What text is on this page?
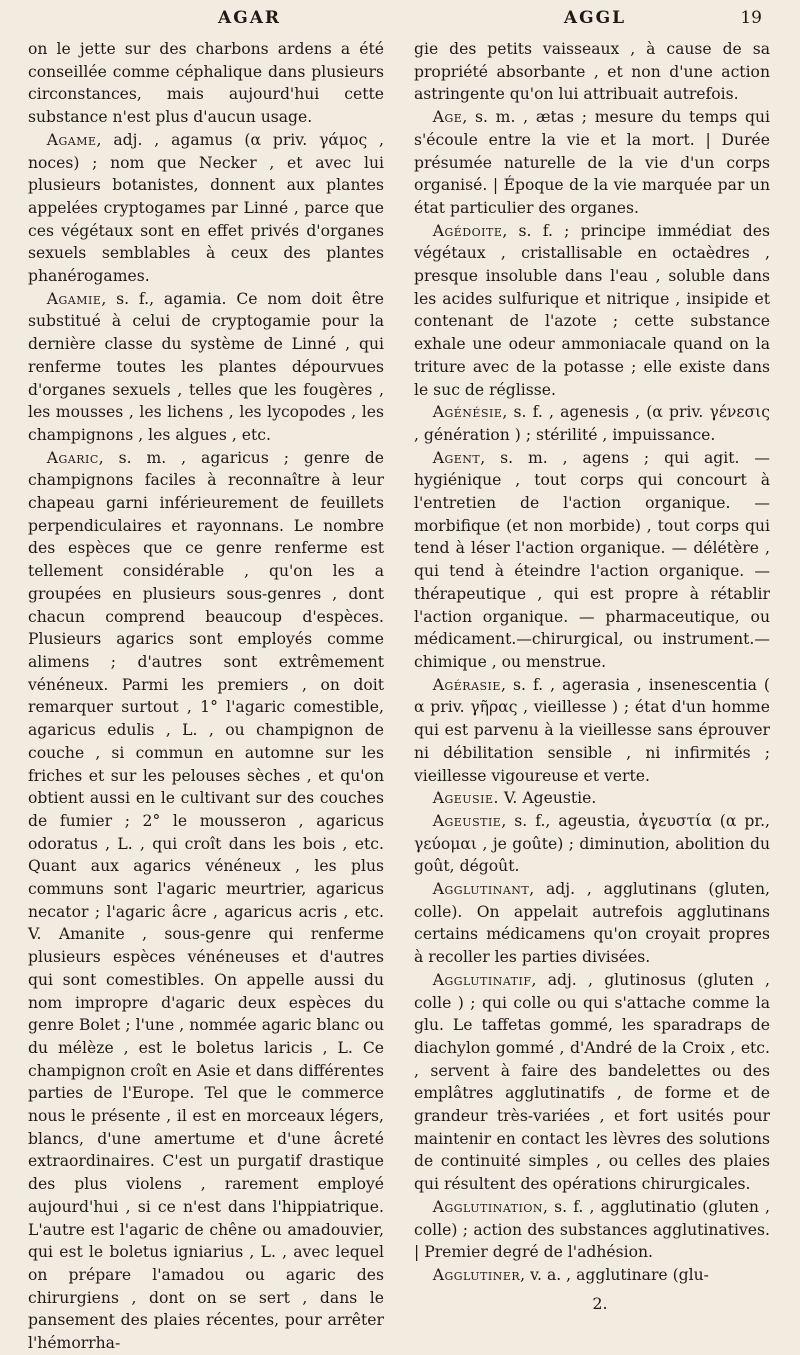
AGAR	AGGL	19

on le jette sur des charbons ardens a été conseillée comme céphalique dans plusieurs circonstances, mais aujourd'hui cette substance n'est plus d'aucun usage.

Agame, adj. , agamus (α priv. γάμος , noces) ; nom que Necker , et avec lui plusieurs botanistes, donnent aux plantes appelées cryptogames par Linné , parce que ces végétaux sont en effet privés d'organes sexuels semblables à ceux des plantes phanérogames.

Agamie, s. f., agamia. Ce nom doit être substitué à celui de cryptogamie pour la dernière classe du système de Linné , qui renferme toutes les plantes dépourvues d'organes sexuels , telles que les fougères , les mousses , les lichens , les lycopodes , les champignons , les algues , etc.

Agaric, s. m. , agaricus ; genre de champignons faciles à reconnaître à leur chapeau garni inférieurement de feuillets perpendiculaires et rayonnans. Le nombre des espèces que ce genre renferme est tellement considérable , qu'on les a groupées en plusieurs sous-genres , dont chacun comprend beaucoup d'espèces. Plusieurs agarics sont employés comme alimens ; d'autres sont extrêmement vénéneux. Parmi les premiers , on doit remarquer surtout , 1° l'agaric comestible, agaricus edulis , L. , ou champignon de couche , si commun en automne sur les friches et sur les pelouses sèches , et qu'on obtient aussi en le cultivant sur des couches de fumier ; 2° le mousseron , agaricus odoratus , L. , qui croît dans les bois , etc. Quant aux agarics vénéneux , les plus communs sont l'agaric meurtrier, agaricus necator ; l'agaric âcre , agaricus acris , etc. V. Amanite , sous-genre qui renferme plusieurs espèces vénéneuses et d'autres qui sont comestibles. On appelle aussi du nom impropre d'agaric deux espèces du genre Bolet ; l'une , nommée agaric blanc ou du mélèze , est le boletus laricis , L. Ce champignon croît en Asie et dans différentes parties de l'Europe. Tel que le commerce nous le présente , il est en morceaux légers, blancs, d'une amertume et d'une âcreté extraordinaires. C'est un purgatif drastique des plus violens , rarement employé aujourd'hui , si ce n'est dans l'hippiatrique. L'autre est l'agaric de chêne ou amadouvier, qui est le boletus igniarius , L. , avec lequel on prépare l'amadou ou agaric des chirurgiens , dont on se sert , dans le pansement des plaies récentes, pour arrêter l'hémorrha-

gie des petits vaisseaux , à cause de sa propriété absorbante , et non d'une action astringente qu'on lui attribuait autrefois.

Age, s. m. , ætas ; mesure du temps qui s'écoule entre la vie et la mort. | Durée présumée naturelle de la vie d'un corps organisé. | Époque de la vie marquée par un état particulier des organes.

Agédoite, s. f. ; principe immédiat des végétaux , cristallisable en octaèdres , presque insoluble dans l'eau , soluble dans les acides sulfurique et nitrique , insipide et contenant de l'azote ; cette substance exhale une odeur ammoniacale quand on la triture avec de la potasse ; elle existe dans le suc de réglisse.

Agénésie, s. f. , agenesis , (α priv. γένεσις , génération ) ; stérilité , impuissance.

Agent, s. m. , agens ; qui agit. — hygiénique , tout corps qui concourt à l'entretien de l'action organique. — morbifique (et non morbide) , tout corps qui tend à léser l'action organique. — délétère , qui tend à éteindre l'action organique. — thérapeutique , qui est propre à rétablir l'action organique. — pharmaceutique, ou médicament.—chirurgical, ou instrument.—chimique , ou menstrue.

Agérasie, s. f. , agerasia , insenescentia ( α priv. γῆρας , vieillesse ) ; état d'un homme qui est parvenu à la vieillesse sans éprouver ni débilitation sensible , ni infirmités ; vieillesse vigoureuse et verte.

Ageusie. V. Ageustie.

Ageustie, s. f., ageustia, ἀγευστία (α pr., γεύομαι , je goûte) ; diminution, abolition du goût, dégoût.

Agglutinant, adj. , agglutinans (gluten, colle). On appelait autrefois agglutinans certains médicamens qu'on croyait propres à recoller les parties divisées.

Agglutinatif, adj. , glutinosus (gluten , colle ) ; qui colle ou qui s'attache comme la glu. Le taffetas gommé, les sparadraps de diachylon gommé , d'André de la Croix , etc. , servent à faire des bandelettes ou des emplâtres agglutinatifs , de forme et de grandeur très-variées , et fort usités pour maintenir en contact les lèvres des solutions de continuité simples , ou celles des plaies qui résultent des opérations chirurgicales.

Agglutination, s. f. , agglutinatio (gluten , colle) ; action des substances agglutinatives. | Premier degré de l'adhésion.

Agglutiner, v. a. , agglutinare (glu-

2.
